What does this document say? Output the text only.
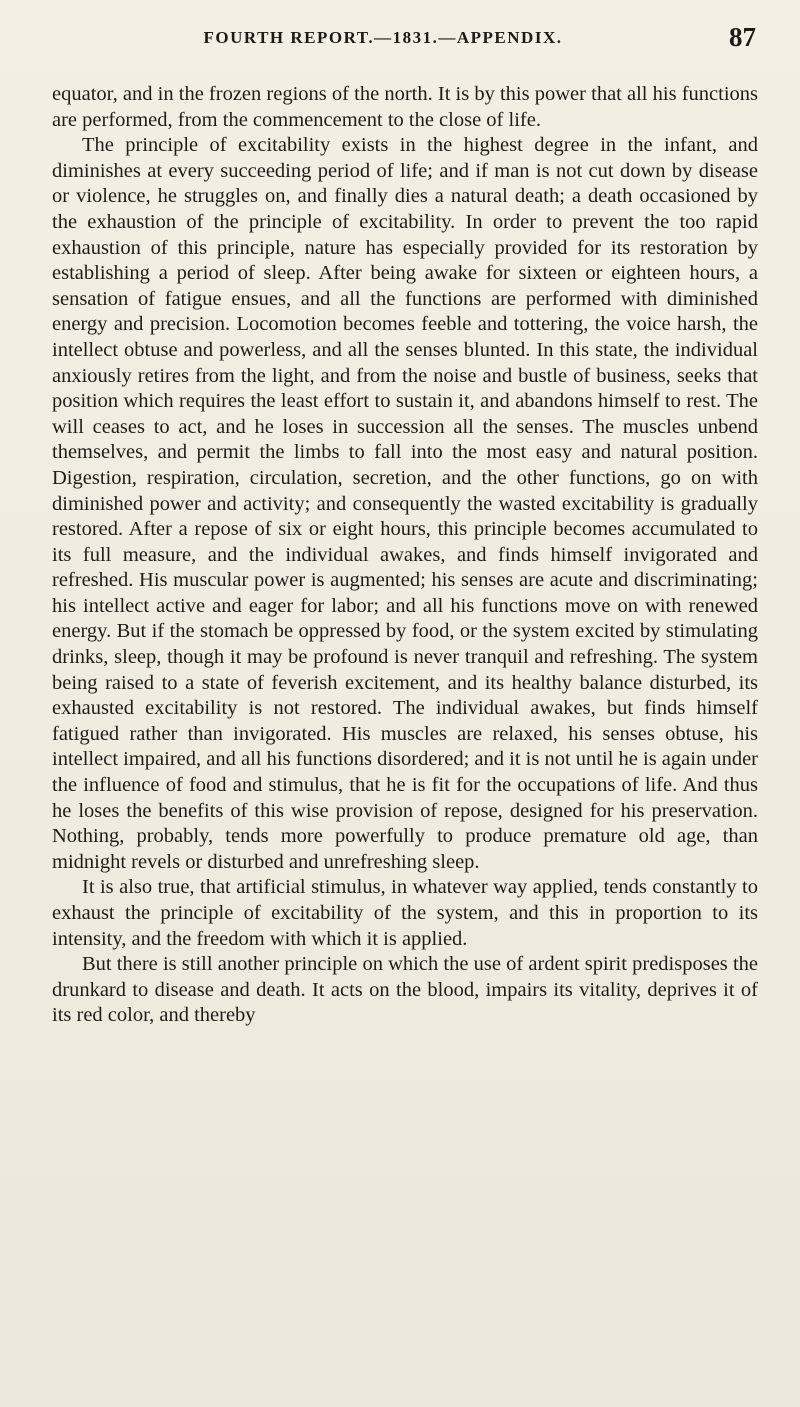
FOURTH REPORT.—1831.—APPENDIX.	87

equator, and in the frozen regions of the north. It is by this power that all his functions are performed, from the commencement to the close of life.

The principle of excitability exists in the highest degree in the infant, and diminishes at every succeeding period of life; and if man is not cut down by disease or violence, he struggles on, and finally dies a natural death; a death occasioned by the exhaustion of the principle of excitability. In order to prevent the too rapid exhaustion of this principle, nature has especially provided for its restoration by establishing a period of sleep. After being awake for sixteen or eighteen hours, a sensation of fatigue ensues, and all the functions are performed with diminished energy and precision. Locomotion becomes feeble and tottering, the voice harsh, the intellect obtuse and powerless, and all the senses blunted. In this state, the individual anxiously retires from the light, and from the noise and bustle of business, seeks that position which requires the least effort to sustain it, and abandons himself to rest. The will ceases to act, and he loses in succession all the senses. The muscles unbend themselves, and permit the limbs to fall into the most easy and natural position. Digestion, respiration, circulation, secretion, and the other functions, go on with diminished power and activity; and consequently the wasted excitability is gradually restored. After a repose of six or eight hours, this principle becomes accumulated to its full measure, and the individual awakes, and finds himself invigorated and refreshed. His muscular power is augmented; his senses are acute and discriminating; his intellect active and eager for labor; and all his functions move on with renewed energy. But if the stomach be oppressed by food, or the system excited by stimulating drinks, sleep, though it may be profound is never tranquil and refreshing. The system being raised to a state of feverish excitement, and its healthy balance disturbed, its exhausted excitability is not restored. The individual awakes, but finds himself fatigued rather than invigorated. His muscles are relaxed, his senses obtuse, his intellect impaired, and all his functions disordered; and it is not until he is again under the influence of food and stimulus, that he is fit for the occupations of life. And thus he loses the benefits of this wise provision of repose, designed for his preservation. Nothing, probably, tends more powerfully to produce premature old age, than midnight revels or disturbed and unrefreshing sleep.

It is also true, that artificial stimulus, in whatever way applied, tends constantly to exhaust the principle of excitability of the system, and this in proportion to its intensity, and the freedom with which it is applied.

But there is still another principle on which the use of ardent spirit predisposes the drunkard to disease and death. It acts on the blood, impairs its vitality, deprives it of its red color, and thereby
